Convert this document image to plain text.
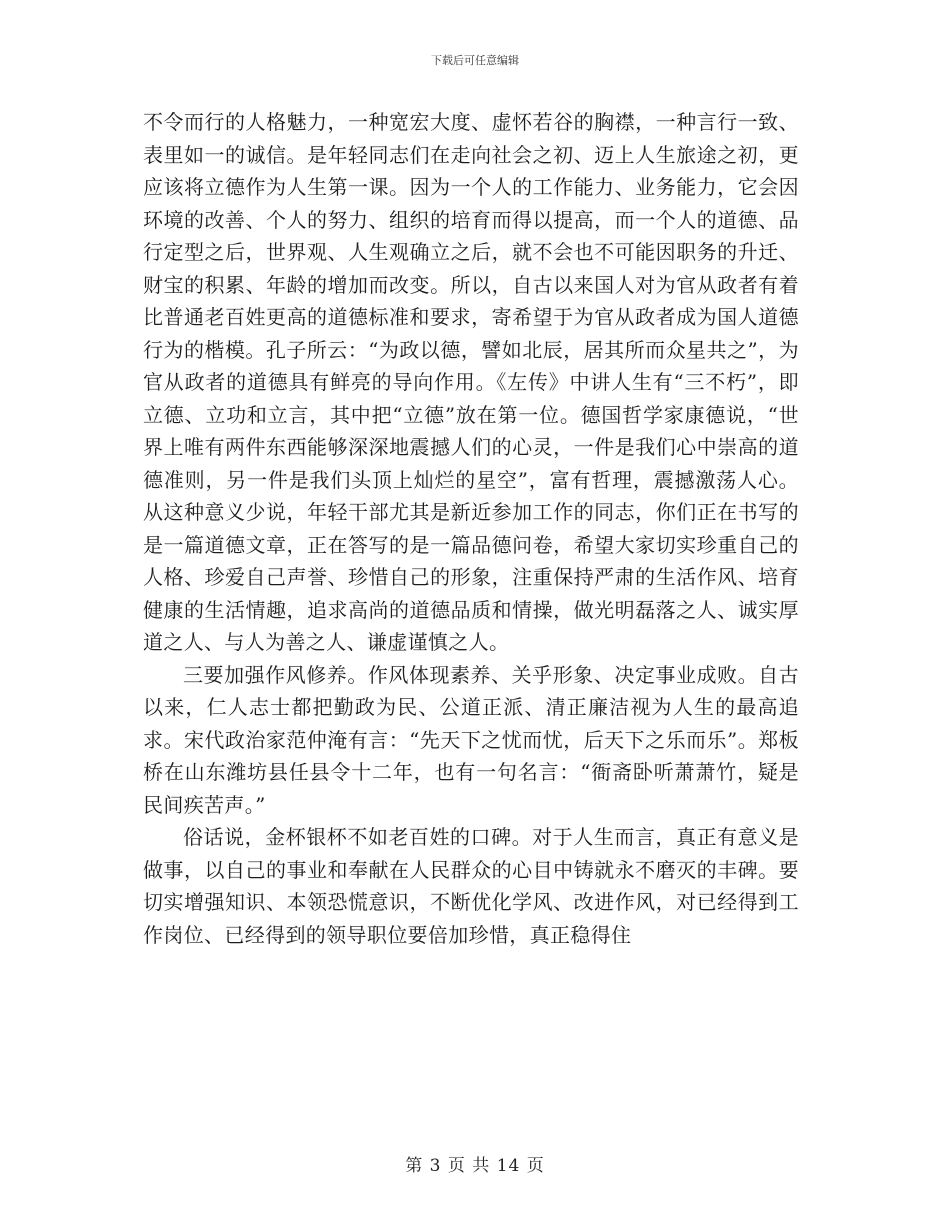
下载后可任意编辑

不令而行的人格魅力，一种宽宏大度、虚怀若谷的胸襟，一种言行一致、表里如一的诚信。是年轻同志们在走向社会之初、迈上人生旅途之初，更应该将立德作为人生第一课。因为一个人的工作能力、业务能力，它会因环境的改善、个人的努力、组织的培育而得以提高，而一个人的道德、品行定型之后，世界观、人生观确立之后，就不会也不可能因职务的升迁、财宝的积累、年龄的增加而改变。所以，自古以来国人对为官从政者有着比普通老百姓更高的道德标准和要求，寄希望于为官从政者成为国人道德行为的楷模。孔子所云：“为政以德，譬如北辰，居其所而众星共之”，为官从政者的道德具有鲜亮的导向作用。《左传》中讲人生有“三不朽”，即立德、立功和立言，其中把“立德”放在第一位。德国哲学家康德说，“世界上唯有两件东西能够深深地震撼人们的心灵，一件是我们心中崇高的道德准则，另一件是我们头顶上灿烂的星空”，富有哲理，震撼激荡人心。从这种意义少说，年轻干部尤其是新近参加工作的同志，你们正在书写的是一篇道德文章，正在答写的是一篇品德问卷，希望大家切实珍重自己的人格、珍爱自己声誉、珍惜自己的形象，注重保持严肃的生活作风、培育健康的生活情趣，追求高尚的道德品质和情操，做光明磊落之人、诚实厚道之人、与人为善之人、谦虚谨慎之人。

三要加强作风修养。作风体现素养、关乎形象、决定事业成败。自古以来，仁人志士都把勤政为民、公道正派、清正廉洁视为人生的最高追求。宋代政治家范仲淹有言：“先天下之忧而忧，后天下之乐而乐”。郑板桥在山东潍坊县任县令十二年，也有一句名言：“衙斋卧听萧萧竹，疑是民间疾苦声。”

俗话说，金杯银杯不如老百姓的口碑。对于人生而言，真正有意义是做事，以自己的事业和奉献在人民群众的心目中铸就永不磨灭的丰碑。要切实增强知识、本领恐慌意识，不断优化学风、改进作风，对已经得到工作岗位、已经得到的领导职位要倍加珍惜，真正稳得住

第 3 页 共 14 页
